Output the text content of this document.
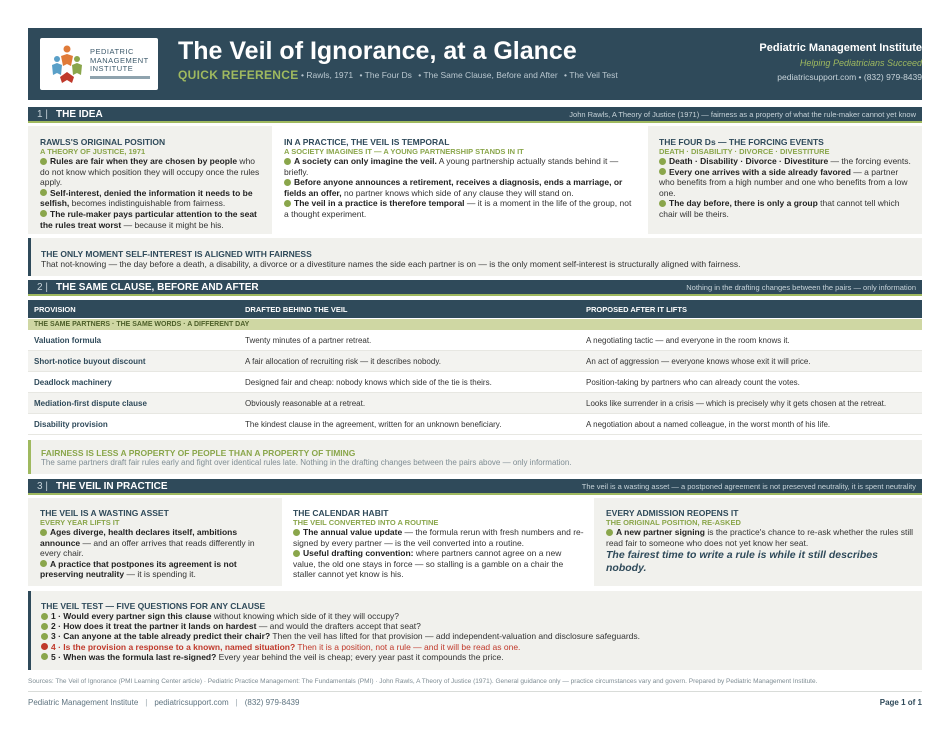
PEDIATRIC
MANAGEMENT
INSTITUTE
The Veil of Ignorance, at a Glance
QUICK REFERENCE • Rawls, 1971 • The Four Ds • The Same Clause, Before and After • The Veil Test
Pediatric Management Institute
Helping Pediatricians Succeed
pediatricsupport.com • (832) 979-8439
1 | THE IDEA	John Rawls, A Theory of Justice (1971) — fairness as a property of what the rule-maker cannot yet know
RAWLS'S ORIGINAL POSITION
A THEORY OF JUSTICE, 1971
Rules are fair when they are chosen by people who do not know which position they will occupy once the rules apply.
Self-interest, denied the information it needs to be selfish, becomes indistinguishable from fairness.
The rule-maker pays particular attention to the seat the rules treat worst — because it might be his.
IN A PRACTICE, THE VEIL IS TEMPORAL
A SOCIETY IMAGINES IT — A YOUNG PARTNERSHIP STANDS IN IT
A society can only imagine the veil. A young partnership actually stands behind it — briefly.
Before anyone announces a retirement, receives a diagnosis, ends a marriage, or fields an offer, no partner knows which side of any clause they will stand on.
The veil in a practice is therefore temporal — it is a moment in the life of the group, not a thought experiment.
THE FOUR Ds — THE FORCING EVENTS
DEATH · DISABILITY · DIVORCE · DIVESTITURE
Death · Disability · Divorce · Divestiture — the forcing events.
Every one arrives with a side already favored — a partner who benefits from a high number and one who benefits from a low one.
The day before, there is only a group that cannot tell which chair will be theirs.
THE ONLY MOMENT SELF-INTEREST IS ALIGNED WITH FAIRNESS
That not-knowing — the day before a death, a disability, a divorce or a divestiture names the side each partner is on — is the only moment self-interest is structurally aligned with fairness.
2 | THE SAME CLAUSE, BEFORE AND AFTER	Nothing in the drafting changes between the pairs — only information
PROVISION	DRAFTED BEHIND THE VEIL	PROPOSED AFTER IT LIFTS
THE SAME PARTNERS · THE SAME WORDS · A DIFFERENT DAY
Valuation formula	Twenty minutes of a partner retreat.	A negotiating tactic — and everyone in the room knows it.
Short-notice buyout discount	A fair allocation of recruiting risk — it describes nobody.	An act of aggression — everyone knows whose exit it will price.
Deadlock machinery	Designed fair and cheap: nobody knows which side of the tie is theirs.	Position-taking by partners who can already count the votes.
Mediation-first dispute clause	Obviously reasonable at a retreat.	Looks like surrender in a crisis — which is precisely why it gets chosen at the retreat.
Disability provision	The kindest clause in the agreement, written for an unknown beneficiary.	A negotiation about a named colleague, in the worst month of his life.
FAIRNESS IS LESS A PROPERTY OF PEOPLE THAN A PROPERTY OF TIMING
The same partners draft fair rules early and fight over identical rules late. Nothing in the drafting changes between the pairs above — only information.
3 | THE VEIL IN PRACTICE	The veil is a wasting asset — a postponed agreement is not preserved neutrality, it is spent neutrality
THE VEIL IS A WASTING ASSET
EVERY YEAR LIFTS IT
Ages diverge, health declares itself, ambitions announce — and an offer arrives that reads differently in every chair.
A practice that postpones its agreement is not preserving neutrality — it is spending it.
THE CALENDAR HABIT
THE VEIL CONVERTED INTO A ROUTINE
The annual value update — the formula rerun with fresh numbers and re-signed by every partner — is the veil converted into a routine.
Useful drafting convention: where partners cannot agree on a new value, the old one stays in force — so stalling is a gamble on a chair the staller cannot yet know is his.
EVERY ADMISSION REOPENS IT
THE ORIGINAL POSITION, RE-ASKED
A new partner signing is the practice's chance to re-ask whether the rules still read fair to someone who does not yet know her seat.
The fairest time to write a rule is while it still describes nobody.
THE VEIL TEST — FIVE QUESTIONS FOR ANY CLAUSE
1 · Would every partner sign this clause without knowing which side of it they will occupy?
2 · How does it treat the partner it lands on hardest — and would the drafters accept that seat?
3 · Can anyone at the table already predict their chair? Then the veil has lifted for that provision — add independent-valuation and disclosure safeguards.
4 · Is the provision a response to a known, named situation? Then it is a position, not a rule — and it will be read as one.
5 · When was the formula last re-signed? Every year behind the veil is cheap; every year past it compounds the price.
Sources: The Veil of Ignorance (PMI Learning Center article) · Pediatric Practice Management: The Fundamentals (PMI) · John Rawls, A Theory of Justice (1971). General guidance only — practice circumstances vary and govern. Prepared by Pediatric Management Institute.
Pediatric Management Institute | pediatricsupport.com | (832) 979-8439	Page 1 of 1
